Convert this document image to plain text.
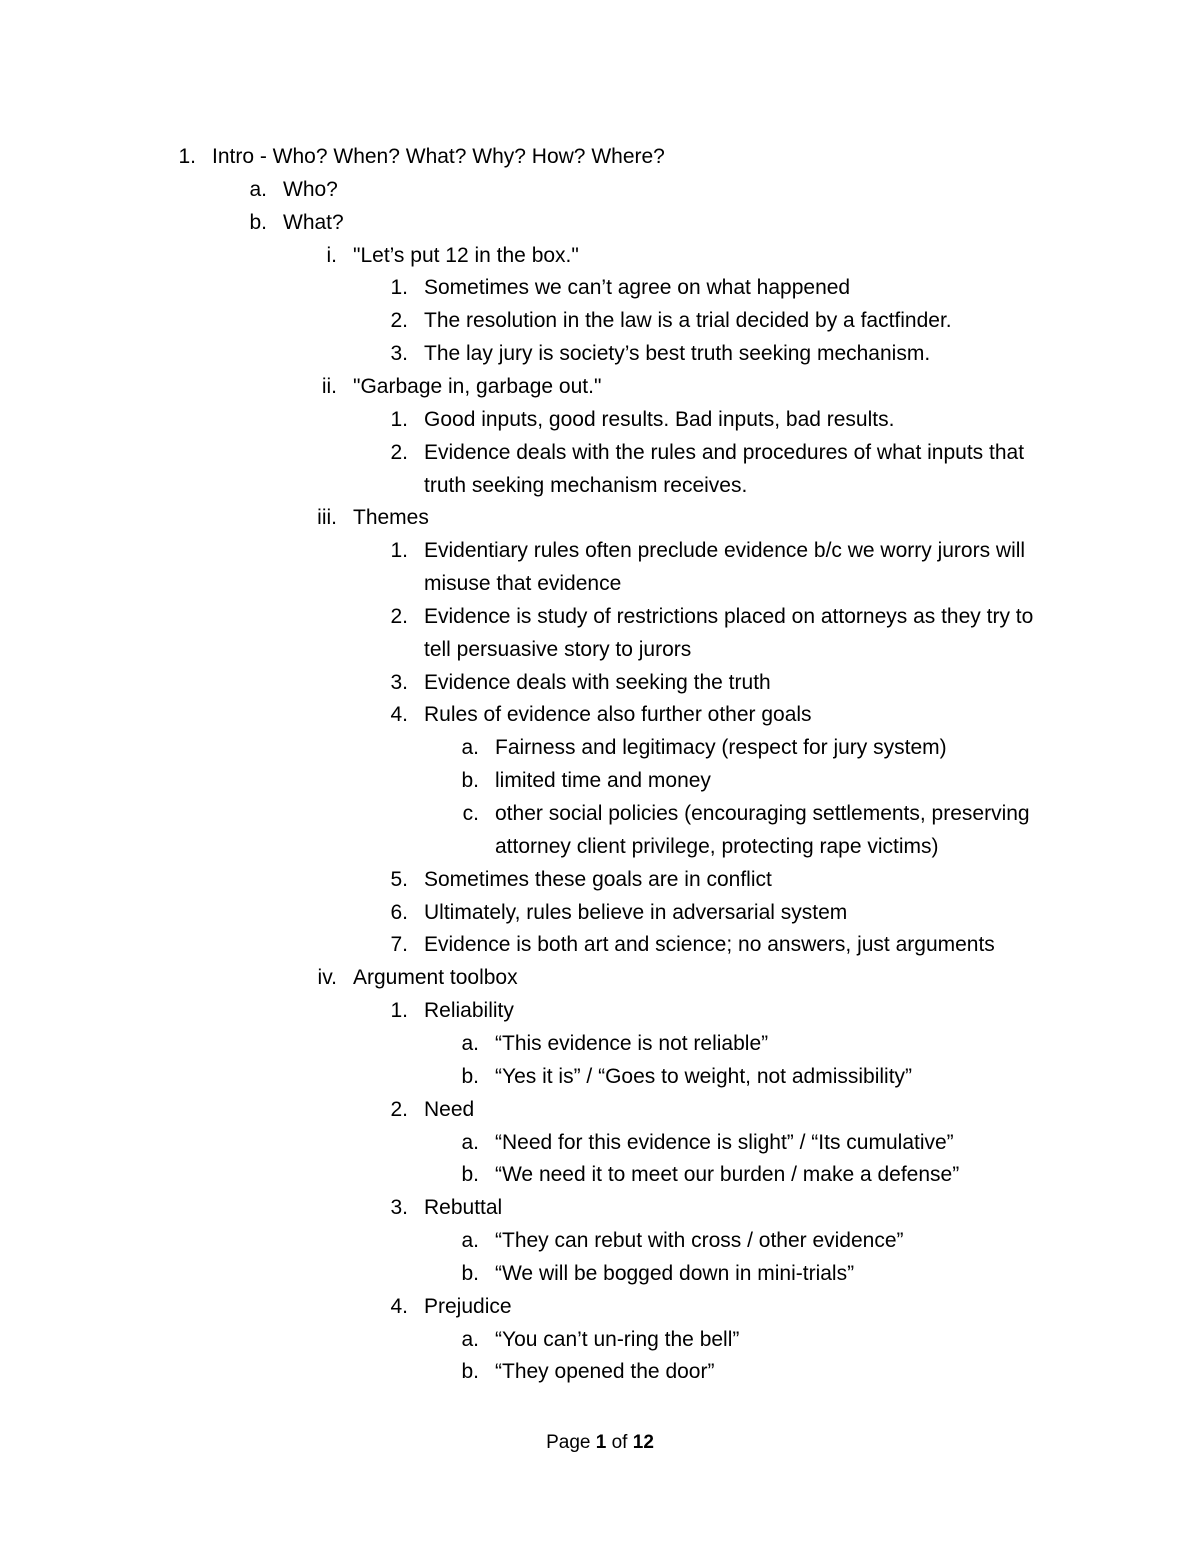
1. Intro - Who? When? What? Why? How? Where?
a. Who?
b. What?
i. "Let’s put 12 in the box."
1. Sometimes we can’t agree on what happened
2. The resolution in the law is a trial decided by a factfinder.
3. The lay jury is society’s best truth seeking mechanism.
ii. "Garbage in, garbage out."
1. Good inputs, good results. Bad inputs, bad results.
2. Evidence deals with the rules and procedures of what inputs that
truth seeking mechanism receives.
iii. Themes
1. Evidentiary rules often preclude evidence b/c we worry jurors will
misuse that evidence
2. Evidence is study of restrictions placed on attorneys as they try to
tell persuasive story to jurors
3. Evidence deals with seeking the truth
4. Rules of evidence also further other goals
a. Fairness and legitimacy (respect for jury system)
b. limited time and money
c. other social policies (encouraging settlements, preserving
attorney client privilege, protecting rape victims)
5. Sometimes these goals are in conflict
6. Ultimately, rules believe in adversarial system
7. Evidence is both art and science; no answers, just arguments
iv. Argument toolbox
1. Reliability
a. “This evidence is not reliable”
b. “Yes it is” / “Goes to weight, not admissibility”
2. Need
a. “Need for this evidence is slight” / “Its cumulative”
b. “We need it to meet our burden / make a defense”
3. Rebuttal
a. “They can rebut with cross / other evidence”
b. “We will be bogged down in mini-trials”
4. Prejudice
a. “You can’t un-ring the bell”
b. “They opened the door”
Page 1 of 12
